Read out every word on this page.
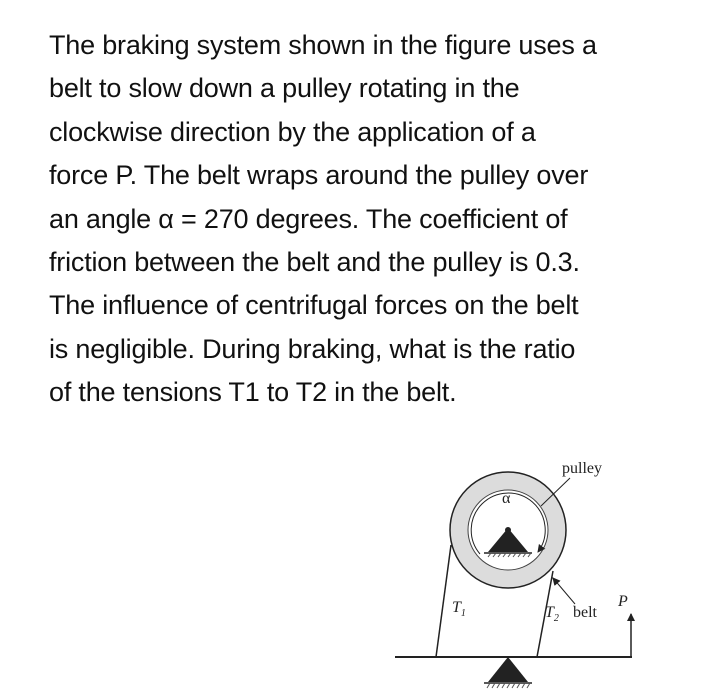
The braking system shown in the figure uses a
belt to slow down a pulley rotating in the
clockwise direction by the application of a
force P. The belt wraps around the pulley over
an angle α = 270 degrees. The coefficient of
friction between the belt and the pulley is 0.3.
The influence of centrifugal forces on the belt
is negligible. During braking, what is the ratio
of the tensions T1 to T2 in the belt.
pulley
α
$T_1$	$T_2$ belt
P
